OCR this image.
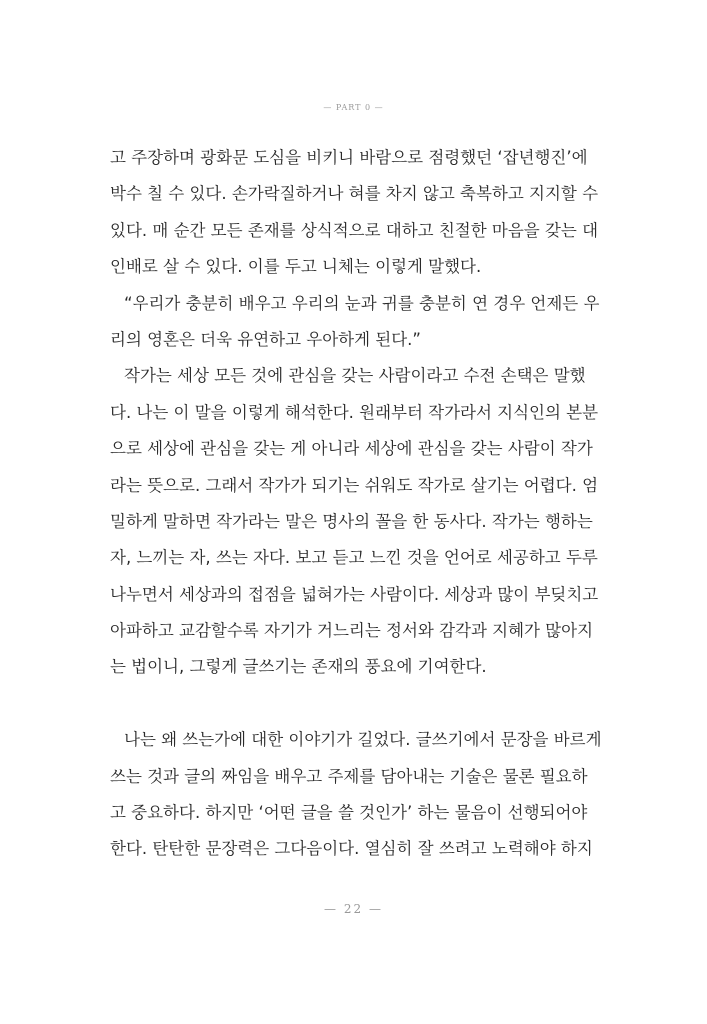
— PART 0 —
고 주장하며 광화문 도심을 비키니 바람으로 점령했던 ‘잡년행진’에
박수 칠 수 있다. 손가락질하거나 혀를 차지 않고 축복하고 지지할 수
있다. 매 순간 모든 존재를 상식적으로 대하고 친절한 마음을 갖는 대
인배로 살 수 있다. 이를 두고 니체는 이렇게 말했다.
“우리가 충분히 배우고 우리의 눈과 귀를 충분히 연 경우 언제든 우
리의 영혼은 더욱 유연하고 우아하게 된다.”
작가는 세상 모든 것에 관심을 갖는 사람이라고 수전 손택은 말했
다. 나는 이 말을 이렇게 해석한다. 원래부터 작가라서 지식인의 본분
으로 세상에 관심을 갖는 게 아니라 세상에 관심을 갖는 사람이 작가
라는 뜻으로. 그래서 작가가 되기는 쉬워도 작가로 살기는 어렵다. 엄
밀하게 말하면 작가라는 말은 명사의 꼴을 한 동사다. 작가는 행하는
자, 느끼는 자, 쓰는 자다. 보고 듣고 느낀 것을 언어로 세공하고 두루
나누면서 세상과의 접점을 넓혀가는 사람이다. 세상과 많이 부딪치고
아파하고 교감할수록 자기가 거느리는 정서와 감각과 지혜가 많아지
는 법이니, 그렇게 글쓰기는 존재의 풍요에 기여한다.
나는 왜 쓰는가에 대한 이야기가 길었다. 글쓰기에서 문장을 바르게
쓰는 것과 글의 짜임을 배우고 주제를 담아내는 기술은 물론 필요하
고 중요하다. 하지만 ‘어떤 글을 쓸 것인가’ 하는 물음이 선행되어야
한다. 탄탄한 문장력은 그다음이다. 열심히 잘 쓰려고 노력해야 하지
— 22 —
